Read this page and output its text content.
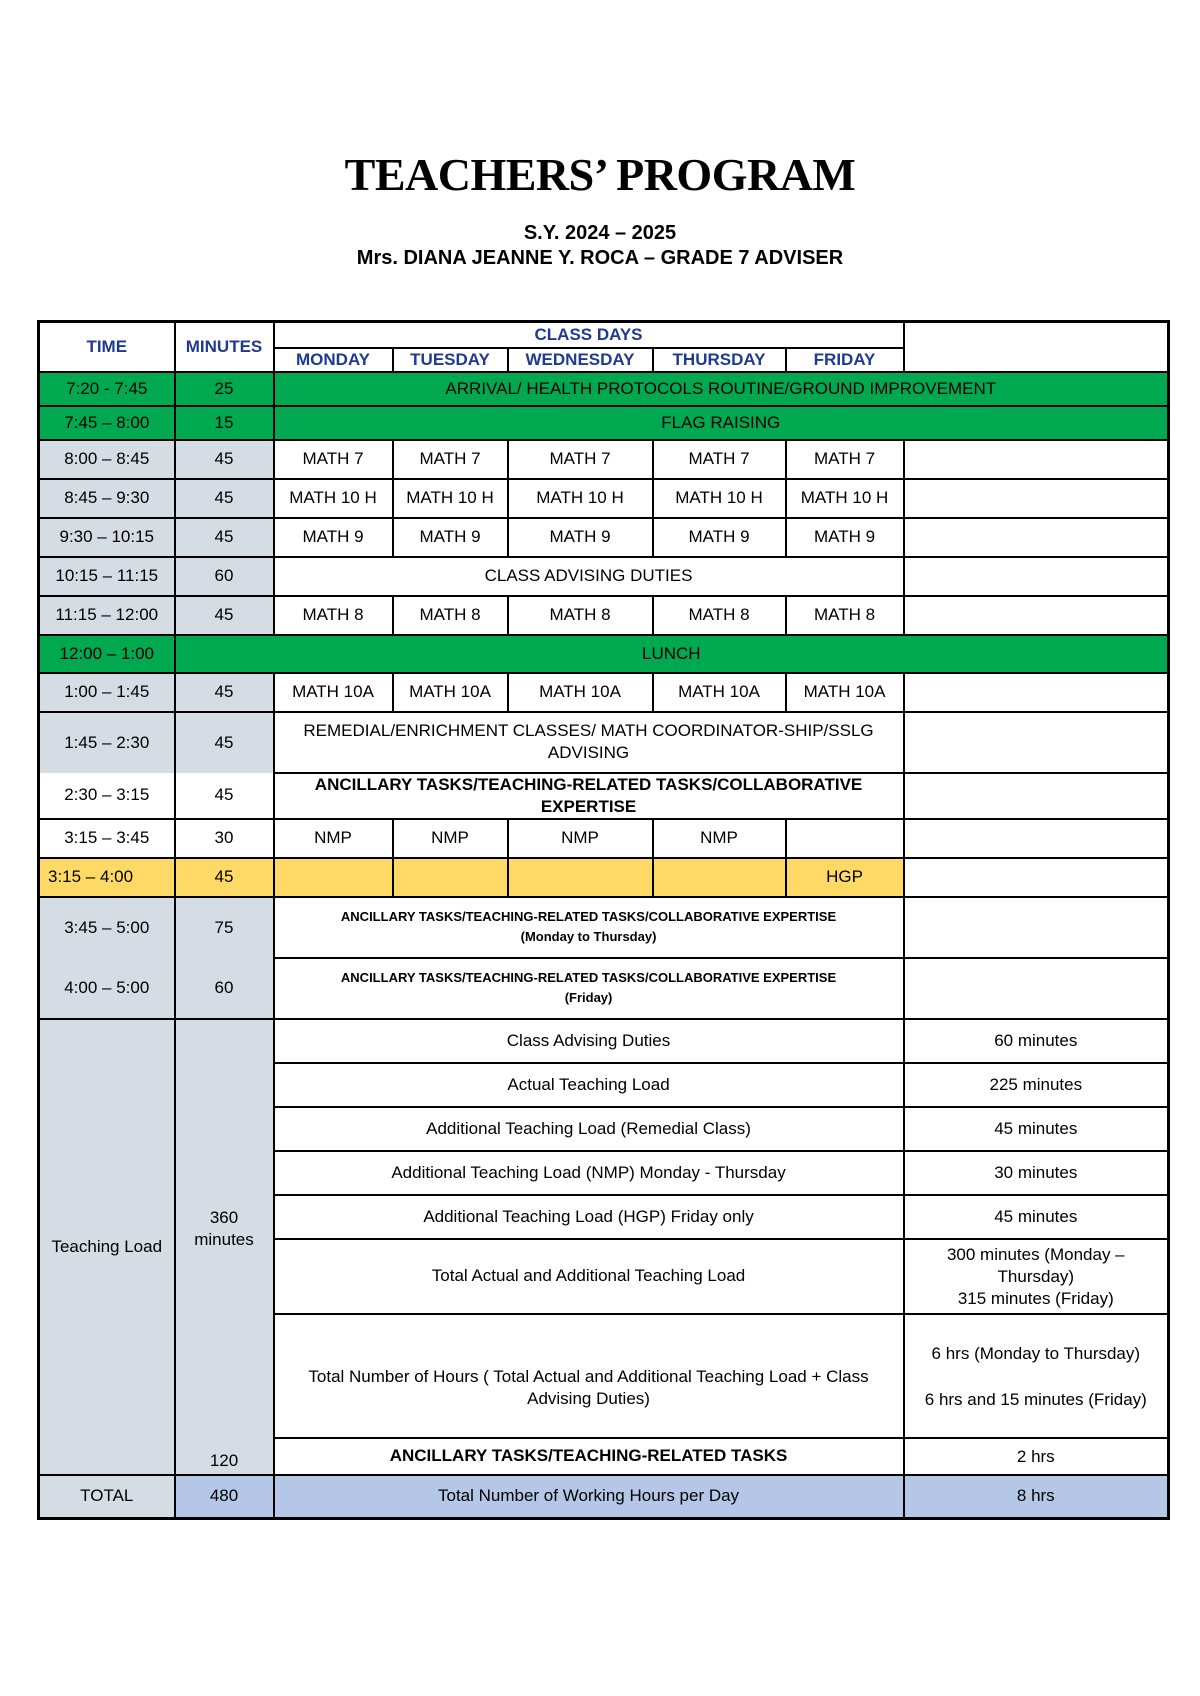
TEACHERS’ PROGRAM
S.Y. 2024 – 2025
Mrs. DIANA JEANNE Y. ROCA – GRADE 7 ADVISER
TIME	MINUTES	CLASS DAYS					
		MONDAY	TUESDAY	WEDNESDAY	THURSDAY	FRIDAY	
7:20 - 7:45	25	ARRIVAL/ HEALTH PROTOCOLS ROUTINE/GROUND IMPROVEMENT					
7:45 – 8:00	15	FLAG RAISING					
8:00 – 8:45	45	MATH 7	MATH 7	MATH 7	MATH 7	MATH 7	
8:45 – 9:30	45	MATH 10 H	MATH 10 H	MATH 10 H	MATH 10 H	MATH 10 H	
9:30 – 10:15	45	MATH 9	MATH 9	MATH 9	MATH 9	MATH 9	
10:15 – 11:15	60	CLASS ADVISING DUTIES					
11:15 – 12:00	45	MATH 8	MATH 8	MATH 8	MATH 8	MATH 8	
12:00 – 1:00	LUNCH						
1:00 – 1:45	45	MATH 10A	MATH 10A	MATH 10A	MATH 10A	MATH 10A	
1:45 – 2:30	45	REMEDIAL/ENRICHMENT CLASSES/ MATH COORDINATOR-SHIP/SSLG ADVISING					
2:30 – 3:15	45	ANCILLARY TASKS/TEACHING-RELATED TASKS/COLLABORATIVE EXPERTISE					
3:15 – 3:45	30	NMP	NMP	NMP	NMP		
3:15 – 4:00	45					HGP	
3:45 – 5:00	75	ANCILLARY TASKS/TEACHING-RELATED TASKS/COLLABORATIVE EXPERTISE
(Monday to Thursday)					

4:00 – 5:00	60	ANCILLARY TASKS/TEACHING-RELATED TASKS/COLLABORATIVE EXPERTISE
(Friday)					

Teaching Load	360 minutes	Class Advising Duties					60 minutes
		Actual Teaching Load					225 minutes
		Additional Teaching Load (Remedial Class)					45 minutes
		Additional Teaching Load (NMP) Monday - Thursday					30 minutes
		Additional Teaching Load (HGP) Friday only					45 minutes
		Total Actual and Additional Teaching Load					300 minutes (Monday – Thursday)
315 minutes (Friday)

		Total Number of Hours ( Total Actual and Additional Teaching Load + Class Advising Duties)					6 hrs (Monday to Thursday)
6 hrs and 15 minutes (Friday)

	120	ANCILLARY TASKS/TEACHING-RELATED TASKS					2 hrs
TOTAL	480	Total Number of Working Hours per Day					8 hrs
